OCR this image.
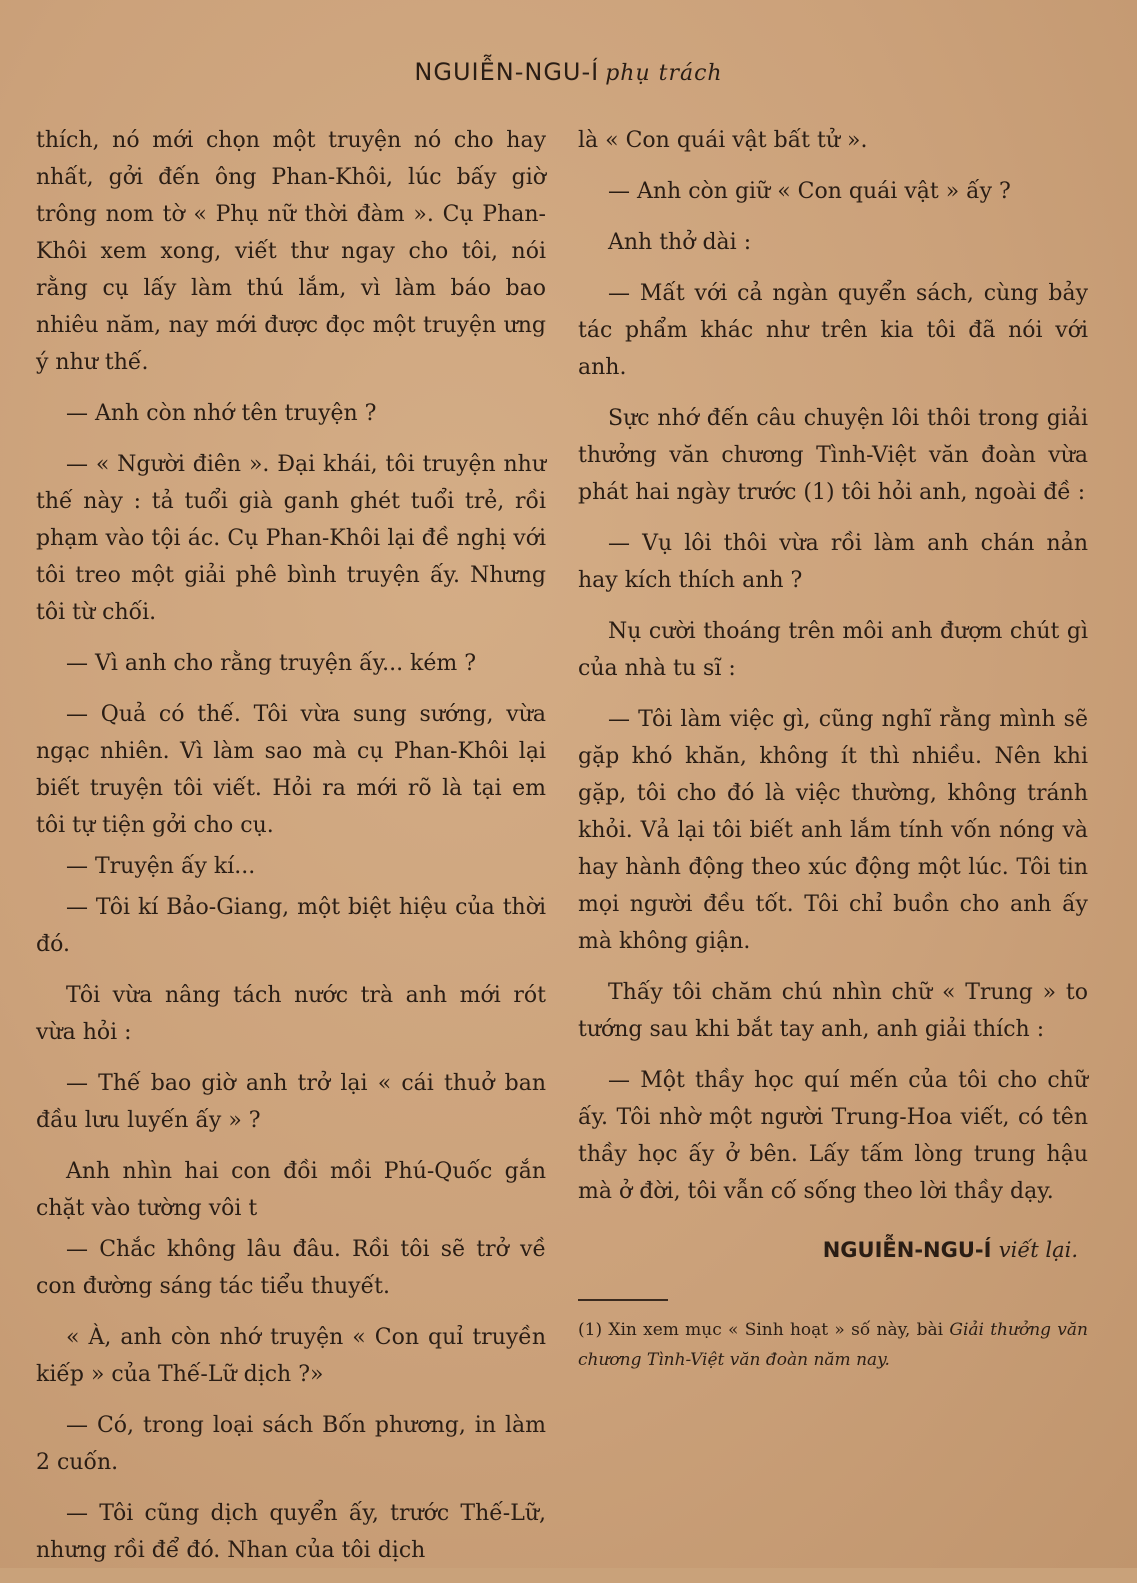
NGUIỄN-NGU-Í phụ trách

thích, nó mới chọn một truyện nó cho hay nhất, gởi đến ông Phan-Khôi, lúc bấy giờ trông nom tờ « Phụ nữ thời đàm ». Cụ Phan-Khôi xem xong, viết thư ngay cho tôi, nói rằng cụ lấy làm thú lắm, vì làm báo bao nhiêu năm, nay mới được đọc một truyện ưng ý như thế.

— Anh còn nhớ tên truyện ?

— « Người điên ». Đại khái, tôi truyện như thế này : tả tuổi già ganh ghét tuổi trẻ, rồi phạm vào tội ác. Cụ Phan-Khôi lại đề nghị với tôi treo một giải phê bình truyện ấy. Nhưng tôi từ chối.

— Vì anh cho rằng truyện ấy... kém ?

— Quả có thế. Tôi vừa sung sướng, vừa ngạc nhiên. Vì làm sao mà cụ Phan-Khôi lại biết truyện tôi viết. Hỏi ra mới rõ là tại em tôi tự tiện gởi cho cụ.

— Truyện ấy kí...

— Tôi kí Bảo-Giang, một biệt hiệu của thời đó.

Tôi vừa nâng tách nước trà anh mới rót vừa hỏi :

— Thế bao giờ anh trở lại « cái thuở ban đầu lưu luyến ấy » ?

Anh nhìn hai con đồi mồi Phú-Quốc gắn chặt vào tường vôi t

— Chắc không lâu đâu. Rồi tôi sẽ trở về con đường sáng tác tiểu thuyết.

« À, anh còn nhớ truyện « Con quỉ truyền kiếp » của Thế-Lữ dịch ?»

— Có, trong loại sách Bốn phương, in làm 2 cuốn.

— Tôi cũng dịch quyển ấy, trước Thế-Lữ, nhưng rồi để đó. Nhan của tôi dịch

là « Con quái vật bất tử ».

— Anh còn giữ « Con quái vật » ấy ?

Anh thở dài :

— Mất với cả ngàn quyển sách, cùng bảy tác phẩm khác như trên kia tôi đã nói với anh.

Sực nhớ đến câu chuyện lôi thôi trong giải thưởng văn chương Tình-Việt văn đoàn vừa phát hai ngày trước (1) tôi hỏi anh, ngoài đề :

— Vụ lôi thôi vừa rồi làm anh chán nản hay kích thích anh ?

Nụ cười thoáng trên môi anh đượm chút gì của nhà tu sĩ :

— Tôi làm việc gì, cũng nghĩ rằng mình sẽ gặp khó khăn, không ít thì nhiều. Nên khi gặp, tôi cho đó là việc thường, không tránh khỏi. Vả lại tôi biết anh lắm tính vốn nóng và hay hành động theo xúc động một lúc. Tôi tin mọi người đều tốt. Tôi chỉ buồn cho anh ấy mà không giận.

Thấy tôi chăm chú nhìn chữ « Trung » to tướng sau khi bắt tay anh, anh giải thích :

— Một thầy học quí mến của tôi cho chữ ấy. Tôi nhờ một người Trung-Hoa viết, có tên thầy học ấy ở bên. Lấy tấm lòng trung hậu mà ở đời, tôi vẫn cố sống theo lời thầy dạy.

NGUIỄN-NGU-Í viết lại.
(1) Xin xem mục « Sinh hoạt » số này, bài Giải thưởng văn chương Tình-Việt văn đoàn năm nay.
